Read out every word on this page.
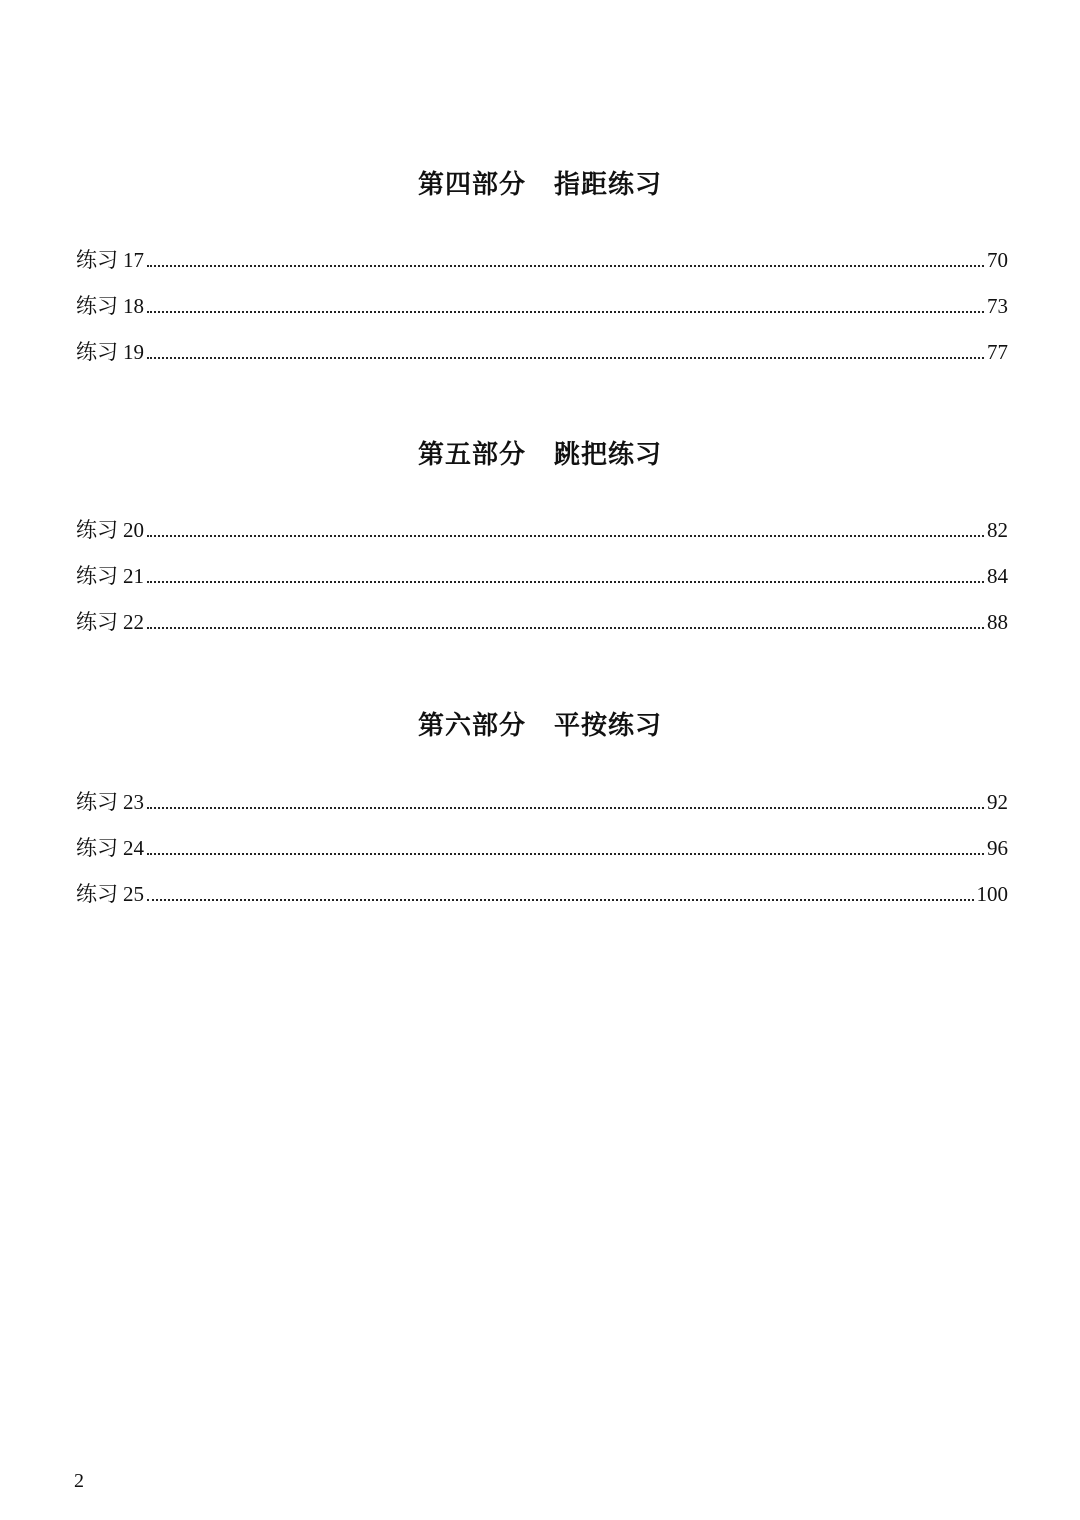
第四部分 指距练习
练习 17	70
练习 18	73
练习 19	77
第五部分 跳把练习
练习 20	82
练习 21	84
练习 22	88
第六部分 平按练习
练习 23	92
练习 24	96
练习 25	100
2
